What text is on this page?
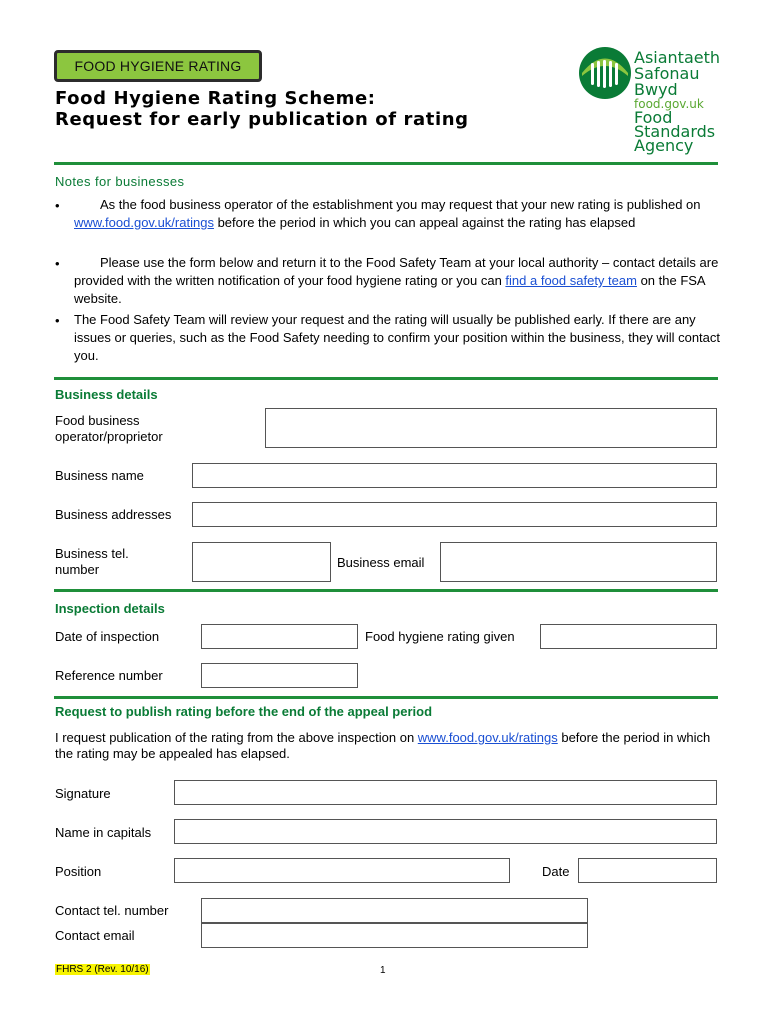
FOOD HYGIENE RATING
Food Hygiene Rating Scheme:
Request for early publication of rating
Asiantaeth
Safonau
Bwyd
food.gov.uk
Food
Standards
Agency
Notes for businesses
•	As the food business operator of the establishment you may request that your new rating is published on www.food.gov.uk/ratings before the period in which you can appeal against the rating has elapsed
•	Please use the form below and return it to the Food Safety Team at your local authority – contact details are provided with the written notification of your food hygiene rating or you can find a food safety team on the FSA website.
• The Food Safety Team will review your request and the rating will usually be published early. If there are any issues or queries, such as the Food Safety needing to confirm your position within the business, they will contact you.
Business details
Food business
operator/proprietor
Business name
Business addresses
Business tel.
number	Business email
Inspection details
Date of inspection	Food hygiene rating given
Reference number
Request to publish rating before the end of the appeal period
I request publication of the rating from the above inspection on www.food.gov.uk/ratings before the period in which the rating may be appealed has elapsed.
Signature
Name in capitals
Position	Date
Contact tel. number
Contact email
FHRS 2 (Rev. 10/16)	1
